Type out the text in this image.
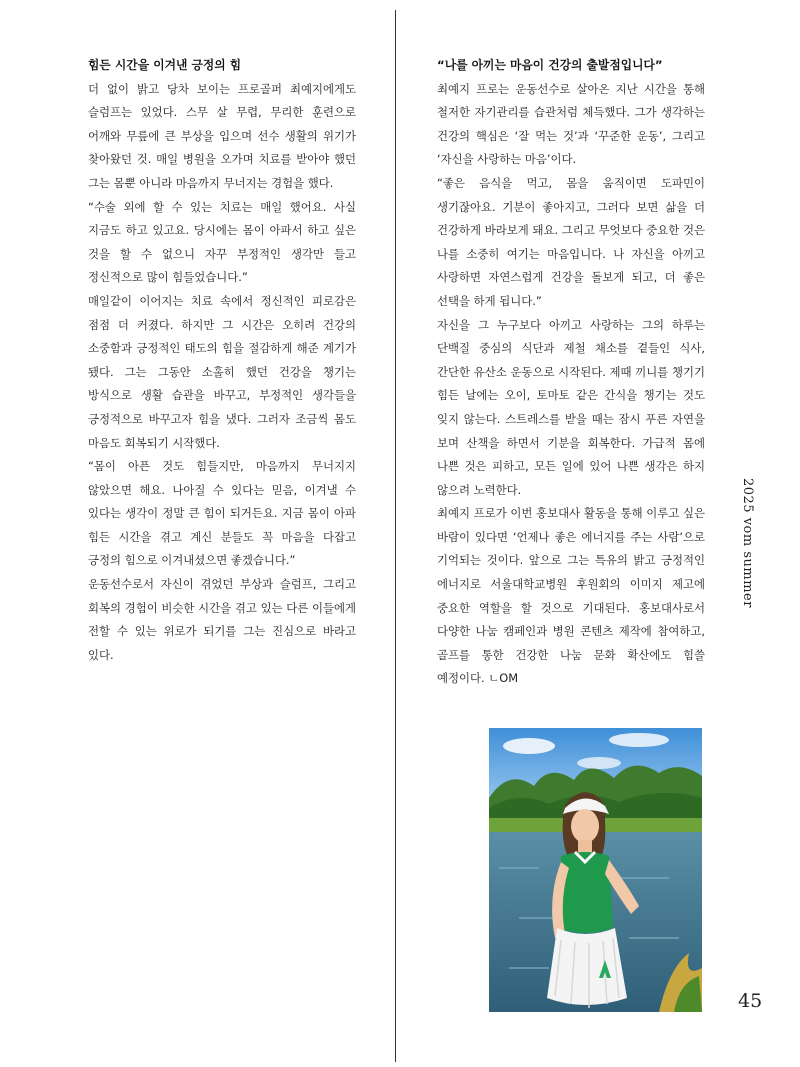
힘든 시간을 이겨낸 긍정의 힘

더 없이 밝고 당차 보이는 프로골퍼 최예지에게도 슬럼프는 있었다. 스무 살 무렵, 무리한 훈련으로 어깨와 무릎에 큰 부상을 입으며 선수 생활의 위기가 찾아왔던 것. 매일 병원을 오가며 치료를 받아야 했던 그는 몸뿐 아니라 마음까지 무너지는 경험을 했다.

“수술 외에 할 수 있는 치료는 매일 했어요. 사실 지금도 하고 있고요. 당시에는 몸이 아파서 하고 싶은 것을 할 수 없으니 자꾸 부정적인 생각만 들고 정신적으로 많이 힘들었습니다.”

매일같이 이어지는 치료 속에서 정신적인 피로감은 점점 더 커졌다. 하지만 그 시간은 오히려 건강의 소중함과 긍정적인 태도의 힘을 절감하게 해준 계기가 됐다. 그는 그동안 소홀히 했던 건강을 챙기는 방식으로 생활 습관을 바꾸고, 부정적인 생각들을 긍정적으로 바꾸고자 힘을 냈다. 그러자 조금씩 몸도 마음도 회복되기 시작했다.

“몸이 아픈 것도 힘들지만, 마음까지 무너지지 않았으면 해요. 나아질 수 있다는 믿음, 이겨낼 수 있다는 생각이 정말 큰 힘이 되거든요. 지금 몸이 아파 힘든 시간을 겪고 계신 분들도 꼭 마음을 다잡고 긍정의 힘으로 이겨내셨으면 좋겠습니다.”

운동선수로서 자신이 겪었던 부상과 슬럼프, 그리고 회복의 경험이 비슷한 시간을 겪고 있는 다른 이들에게 전할 수 있는 위로가 되기를 그는 진심으로 바라고 있다.

“나를 아끼는 마음이 건강의 출발점입니다”

최예지 프로는 운동선수로 살아온 지난 시간을 통해 철저한 자기관리를 습관처럼 체득했다. 그가 생각하는 건강의 핵심은 ‘잘 먹는 것’과 ‘꾸준한 운동’, 그리고 ‘자신을 사랑하는 마음’이다.

“좋은 음식을 먹고, 몸을 움직이면 도파민이 생기잖아요. 기분이 좋아지고, 그러다 보면 삶을 더 건강하게 바라보게 돼요. 그리고 무엇보다 중요한 것은 나를 소중히 여기는 마음입니다. 나 자신을 아끼고 사랑하면 자연스럽게 건강을 돌보게 되고, 더 좋은 선택을 하게 됩니다.”

자신을 그 누구보다 아끼고 사랑하는 그의 하루는 단백질 중심의 식단과 제철 채소를 곁들인 식사, 간단한 유산소 운동으로 시작된다. 제때 끼니를 챙기기 힘든 날에는 오이, 토마토 같은 간식을 챙기는 것도 잊지 않는다. 스트레스를 받을 때는 잠시 푸른 자연을 보며 산책을 하면서 기분을 회복한다. 가급적 몸에 나쁜 것은 피하고, 모든 일에 있어 나쁜 생각은 하지 않으려 노력한다.

최예지 프로가 이번 홍보대사 활동을 통해 이루고 싶은 바람이 있다면 ‘언제나 좋은 에너지를 주는 사람’으로 기억되는 것이다. 앞으로 그는 특유의 밝고 긍정적인 에너지로 서울대학교병원 후원회의 이미지 제고에 중요한 역할을 할 것으로 기대된다. 홍보대사로서 다양한 나눔 캠페인과 병원 콘텐츠 제작에 참여하고, 골프를 통한 건강한 나눔 문화 확산에도 힘쓸 예정이다. ㄴOM

2025 vom summer
45
